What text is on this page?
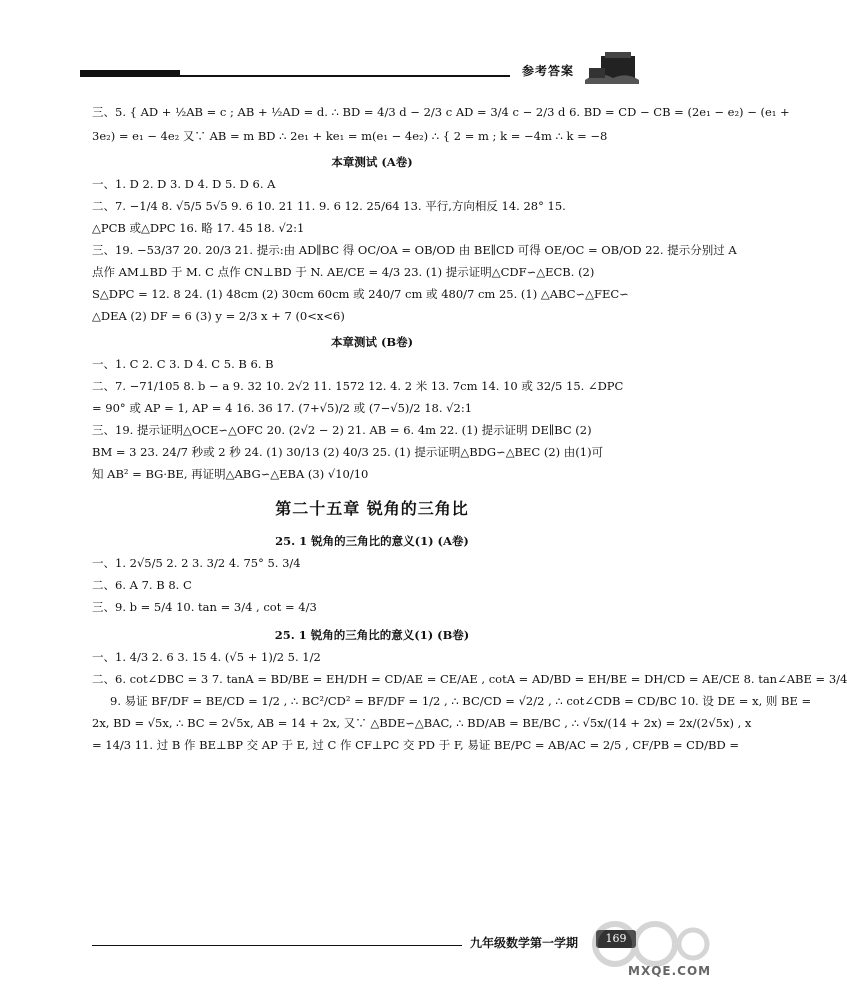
参考答案

三、5. { AD + ½AB = c ; AB + ½AD = d. ∴ BD = 4/3 d − 2/3 c AD = 3/4 c − 2/3 d 6. BD = CD − CB = (2e₁ − e₂) − (e₁ +

3e₂) = e₁ − 4e₂ 又∵ AB = m BD ∴ 2e₁ + ke₁ = m(e₁ − 4e₂) ∴ { 2 = m ; k = −4m ∴ k = −8

本章测试 (A卷)

一、1. D 2. D 3. D 4. D 5. D 6. A

二、7. −1/4 8. √5/5 5√5 9. 6 10. 21 11. 9. 6 12. 25/64 13. 平行,方向相反 14. 28° 15.

△PCB 或△DPC 16. 略 17. 45 18. √2:1

三、19. −53/37 20. 20/3 21. 提示:由 AD∥BC 得 OC/OA = OB/OD 由 BE∥CD 可得 OE/OC = OB/OD 22. 提示分别过 A

点作 AM⊥BD 于 M. C 点作 CN⊥BD 于 N. AE/CE = 4/3 23. (1) 提示证明△CDF∽△ECB. (2)

S△DPC = 12. 8 24. (1) 48cm (2) 30cm 60cm 或 240/7 cm 或 480/7 cm 25. (1) △ABC∽△FEC∽

△DEA (2) DF = 6 (3) y = 2/3 x + 7 (0<x<6)

本章测试 (B卷)

一、1. C 2. C 3. D 4. C 5. B 6. B

二、7. −71/105 8. b − a 9. 32 10. 2√2 11. 1572 12. 4. 2 米 13. 7cm 14. 10 或 32/5 15. ∠DPC

= 90° 或 AP = 1, AP = 4 16. 36 17. (7+√5)/2 或 (7−√5)/2 18. √2:1

三、19. 提示证明△OCE∽△OFC 20. (2√2 − 2) 21. AB = 6. 4m 22. (1) 提示证明 DE∥BC (2)

BM = 3 23. 24/7 秒或 2 秒 24. (1) 30/13 (2) 40/3 25. (1) 提示证明△BDG∽△BEC (2) 由(1)可

知 AB² = BG·BE, 再证明△ABG∽△EBA (3) √10/10

第二十五章 锐角的三角比

25. 1 锐角的三角比的意义(1) (A卷)

一、1. 2√5/5 2. 2 3. 3/2 4. 75° 5. 3/4

二、6. A 7. B 8. C

三、9. b = 5/4 10. tan = 3/4 , cot = 4/3

25. 1 锐角的三角比的意义(1) (B卷)

一、1. 4/3 2. 6 3. 15 4. (√5 + 1)/2 5. 1/2

二、6. cot∠DBC = 3 7. tanA = BD/BE = EH/DH = CD/AE = CE/AE , cotA = AD/BD = EH/BE = DH/CD = AE/CE 8. tan∠ABE = 3/4

9. 易证 BF/DF = BE/CD = 1/2 , ∴ BC²/CD² = BF/DF = 1/2 , ∴ BC/CD = √2/2 , ∴ cot∠CDB = CD/BC 10. 设 DE = x, 则 BE =

2x, BD = √5x, ∴ BC = 2√5x, AB = 14 + 2x, 又∵ △BDE∽△BAC, ∴ BD/AB = BE/BC , ∴ √5x/(14 + 2x) = 2x/(2√5x) , x

= 14/3 11. 过 B 作 BE⊥BP 交 AP 于 E, 过 C 作 CF⊥PC 交 PD 于 F, 易证 BE/PC = AB/AC = 2/5 , CF/PB = CD/BD =

九年级数学第一学期	169
MXQE.COM
